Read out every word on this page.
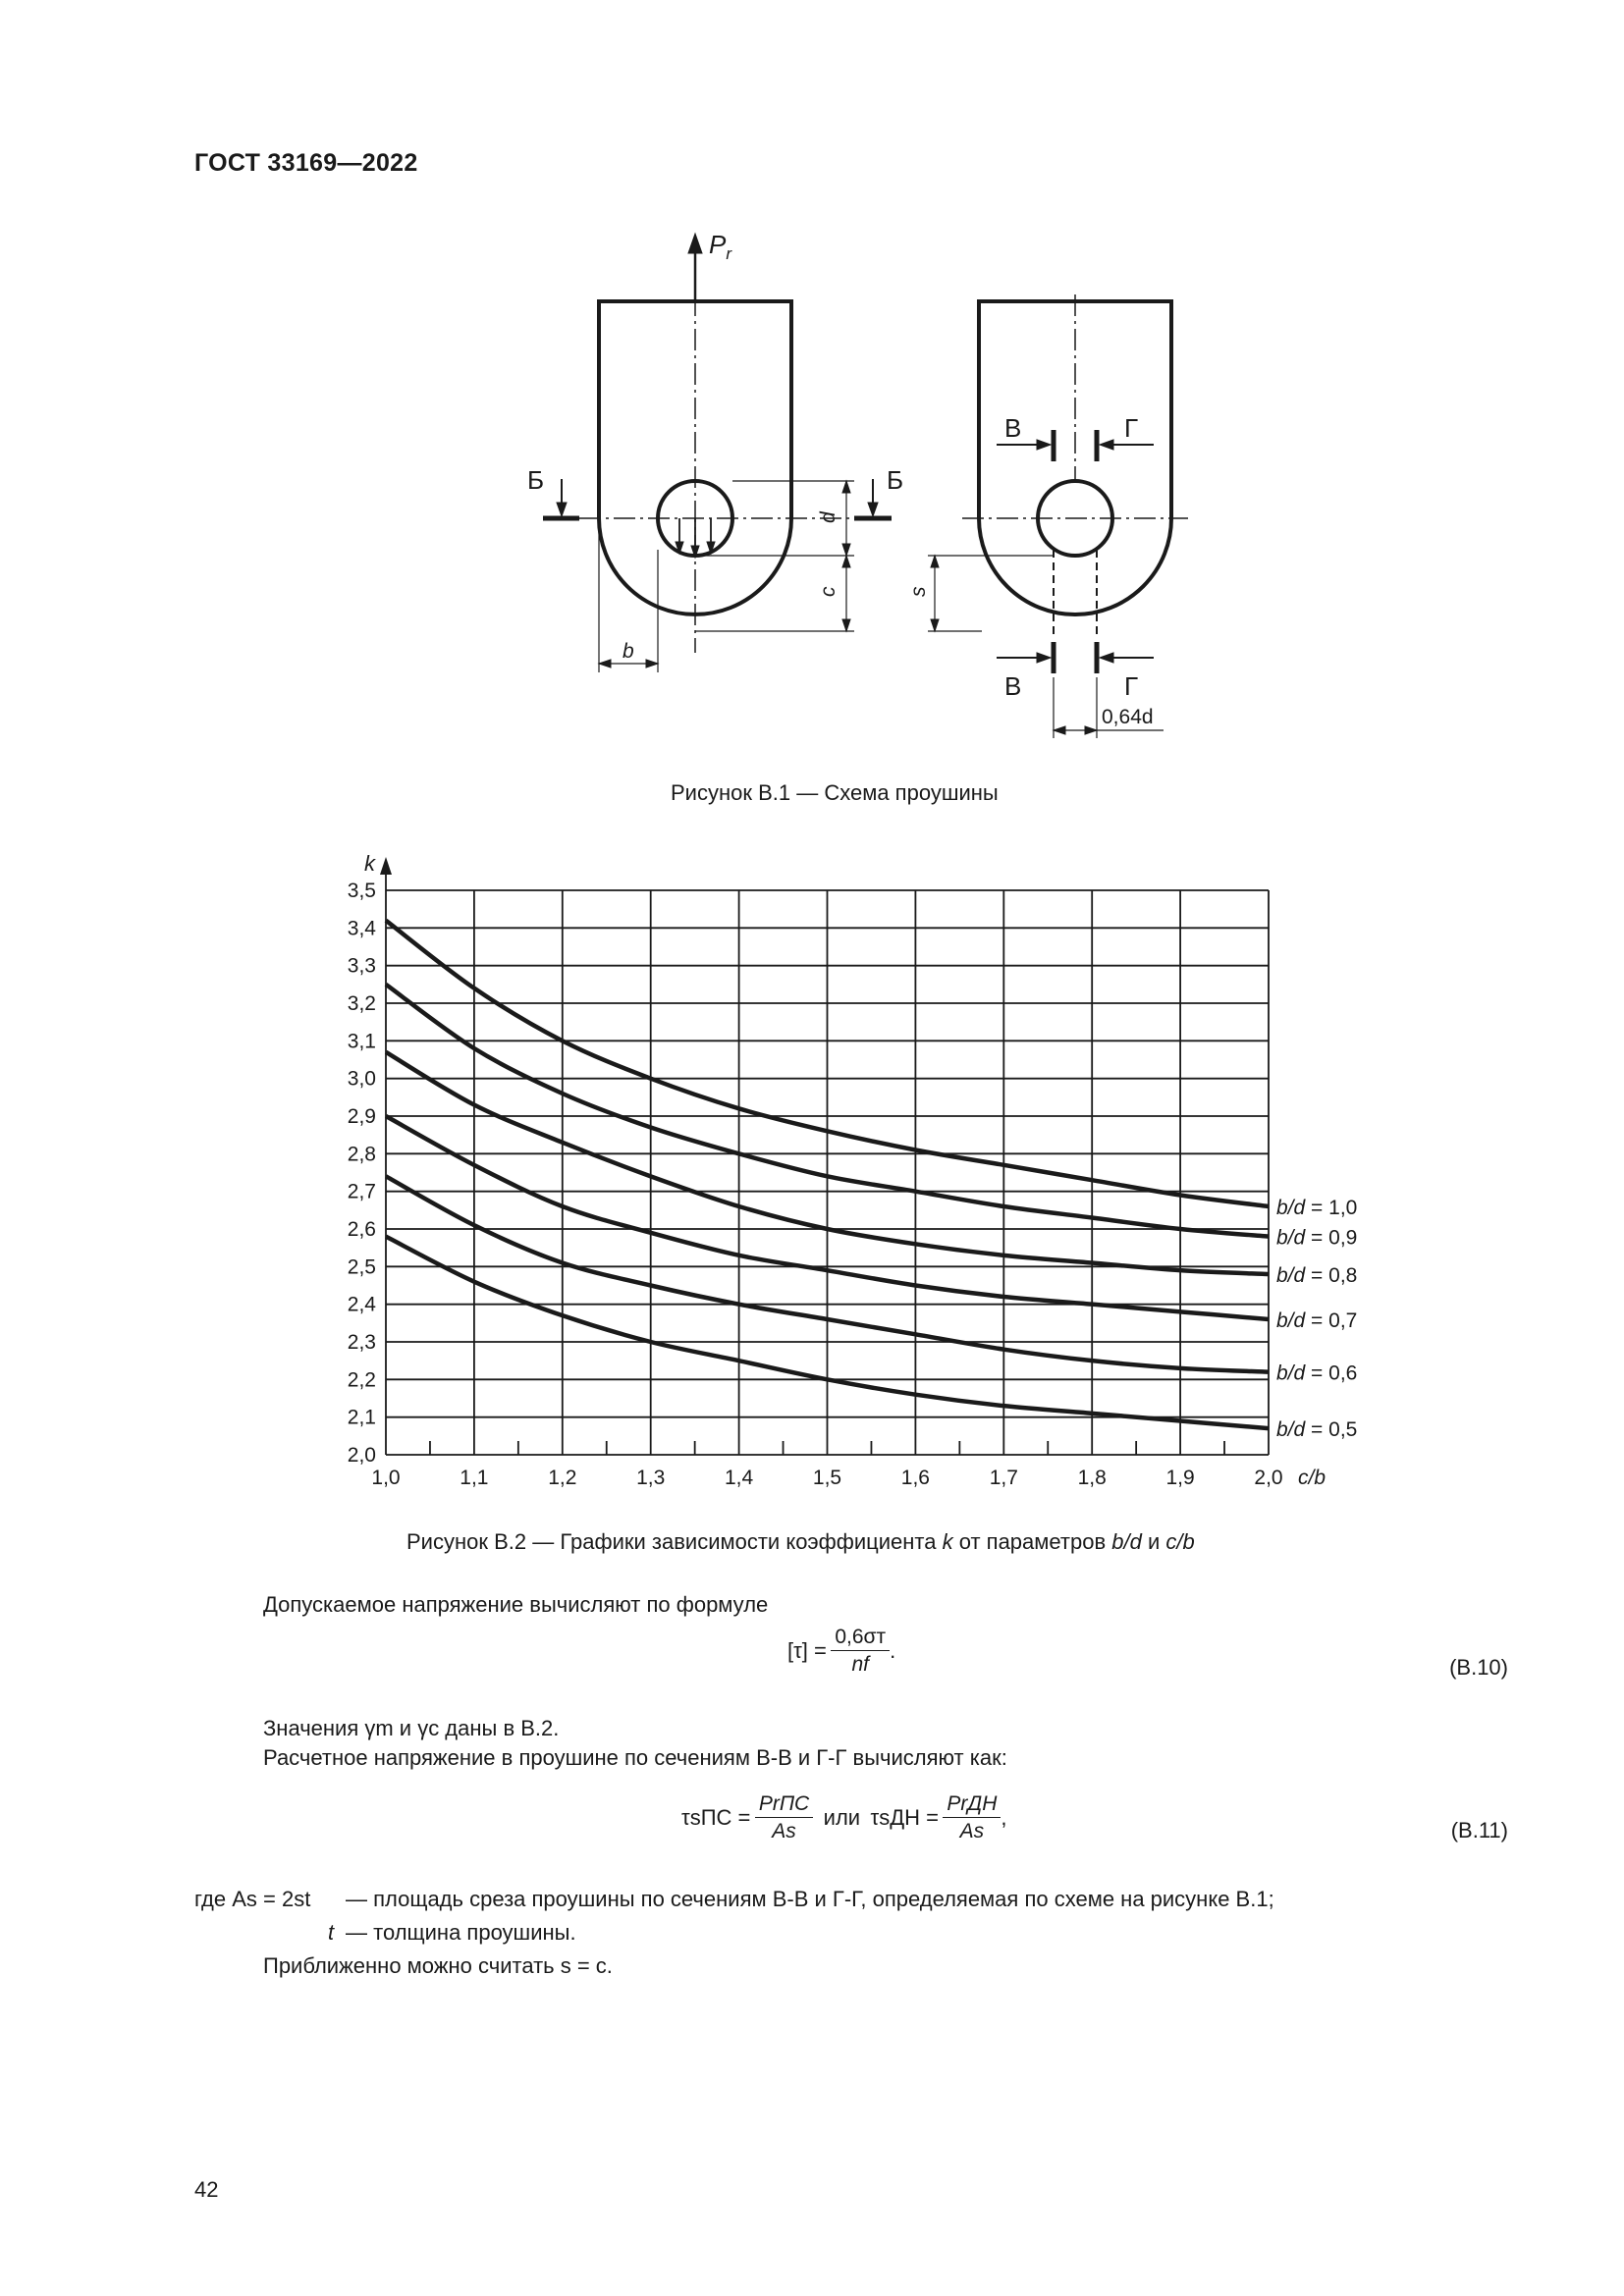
ГОСТ 33169—2022
$P_r$
Б	Б
В	Г
В	Г
d
c
b
s
0,64d
Рисунок В.1 — Схема проушины
1,0	1,1	1,2	1,3	1,4	1,5	1,6	1,7	1,8	1,9	2,0
2,0
2,1
2,2
2,3
2,4
2,5
2,6
2,7
2,8
2,9
3,0
3,1
3,2
3,3
3,4
3,5
b/d = 1,0
b/d = 0,9
b/d = 0,8
b/d = 0,7
b/d = 0,6
b/d = 0,5
k
c/b
Рисунок В.2 — Графики зависимости коэффициента k от параметров b/d и c/b
Допускаемое напряжение вычисляют по формуле
$[\tau] = \frac{0,6\sigma т}{nf}$ .
(В.10)
Значения γm и γc даны в В.2.
Расчетное напряжение в проушине по сечениям В-В и Г-Г вычисляют как:
$\tau sПС = \frac{\text{PrПС}}{As}$ или $\tau sДН = \frac{\text{PrДН}}{As}$ ,
(В.11)
где As = 2st — площадь среза проушины по сечениям В-В и Г-Г, определяемая по схеме на рисунке В.1;
t — толщина проушины.
Приближенно можно считать s = c.
42
